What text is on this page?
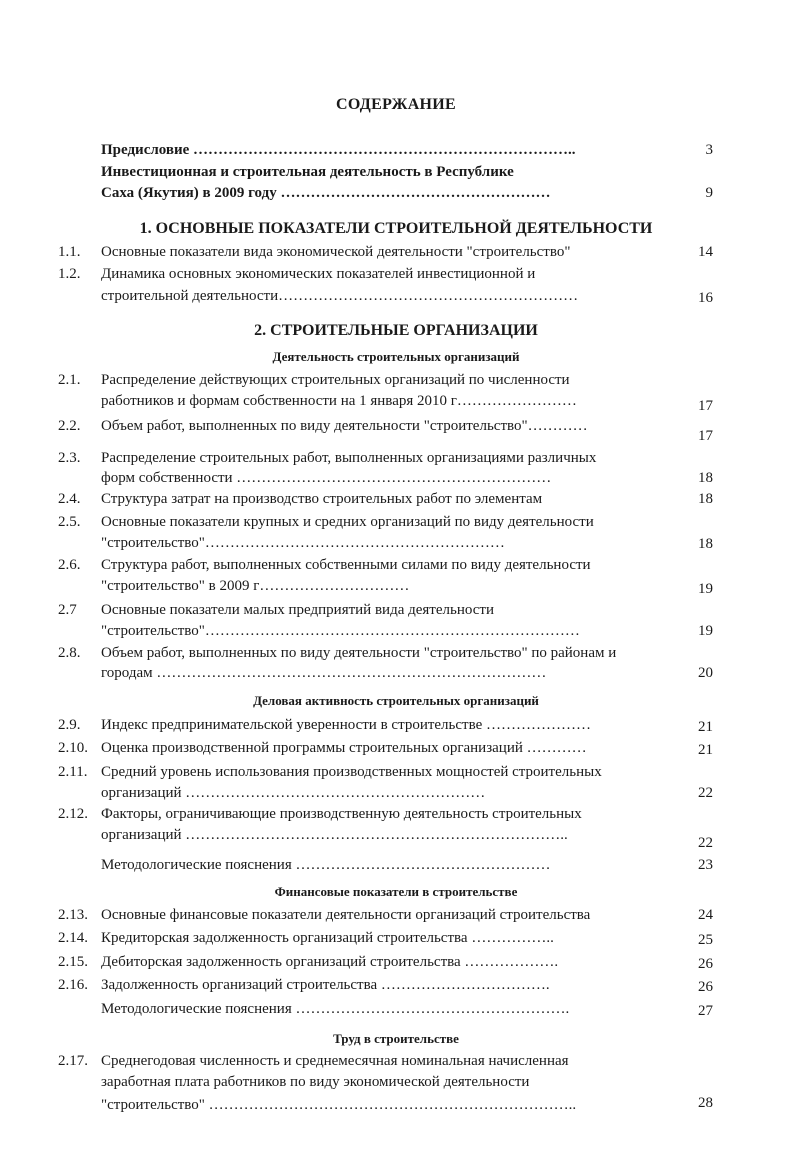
СОДЕРЖАНИЕ
Предисловие …………………………………………………………………..	3
Инвестиционная и строительная деятельность в Республике
Саха (Якутия) в 2009 году ………………………………………………	9
1. ОСНОВНЫЕ ПОКАЗАТЕЛИ СТРОИТЕЛЬНОЙ ДЕЯТЕЛЬНОСТИ
1.1.	Основные показатели вида экономической деятельности "строительство"	14
1.2.	Динамика основных экономических показателей инвестиционной и
строительной деятельности……………………………………………………	16
2. СТРОИТЕЛЬНЫЕ ОРГАНИЗАЦИИ
Деятельность строительных организаций
2.1.	Распределение действующих строительных организаций по численности
работников и формам собственности на 1 января 2010 г……………………	17
2.2.	Объем работ, выполненных по виду деятельности "строительство"…………
17
2.3.	Распределение строительных работ, выполненных организациями различных
форм собственности ………………………………………………………	18
2.4.	Структура затрат на производство строительных работ по элементам	18
2.5.	Основные показатели крупных и средних организаций по виду деятельности
"строительство"……………………………………………………	18
2.6.	Структура работ, выполненных собственными силами по виду деятельности
"строительство" в 2009 г…………………………	19
2.7	Основные показатели малых предприятий вида деятельности
"строительство"…………………………………………………………………	19
2.8.	Объем работ, выполненных по виду деятельности "строительство" по районам и
городам ……………………………………………………………………	20
Деловая активность строительных организаций
2.9.	Индекс предпринимательской уверенности в строительстве …………………	21
2.10. Оценка производственной программы строительных организаций …………	21
2.11. Средний уровень использования производственных мощностей строительных
организаций ……………………………………………………	22
2.12. Факторы, ограничивающие производственную деятельность строительных
организаций …………………………………………………………………..	22
Методологические пояснения ……………………………………………	23
Финансовые показатели в строительстве
2.13. Основные финансовые показатели деятельности организаций строительства	24
2.14. Кредиторская задолженность организаций строительства ……………..	25
2.15. Дебиторская задолженность организаций строительства ……………….	26
2.16. Задолженность организаций строительства …………………………….	26
Методологические пояснения ……………………………………………….	27
Труд в строительстве
2.17. Среднегодовая численность и среднемесячная номинальная начисленная
заработная плата работников по виду экономической деятельности
"строительство" ………………………………………………………………..	28
